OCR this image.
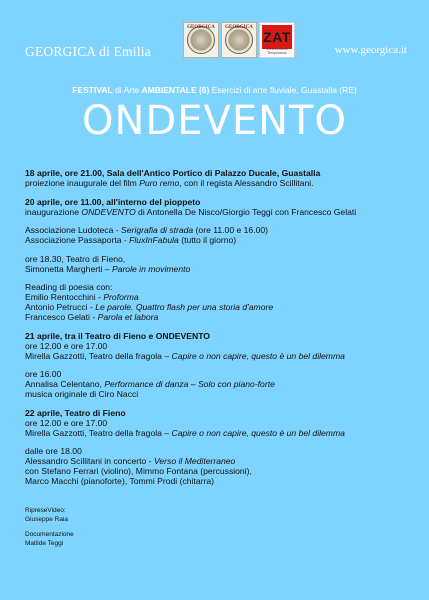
GEORGICA di Emilia
GEORGICA	GEORGICA
ZAT
Zona Artistica Temporanea	www.georgica.it
FESTIVAL di Arte AMBIENTALE (6) Esercizi di arte fluviale, Guastalla (RE)
ONDEVENTO
18 aprile, ore 21.00, Sala dell'Antico Portico di Palazzo Ducale, Guastalla
proiezione inaugurale del film Puro remo, con il regista Alessandro Scillitani.
20 aprile, ore 11.00, all'interno del pioppeto
inaugurazione ONDEVENTO di Antonella De Nisco/Giorgio Teggi con Francesco Gelati
Associazione Ludoteca - Serigrafia di strada (ore 11.00 e 16.00)
Associazione Passaporta - FluxInFabula (tutto il giorno)
ore 18.30, Teatro di Fieno,
Simonetta Margherti – Parole in movimento
Reading di poesia con:
Emilio Rentocchini - Proforma
Antonio Petrucci - Le parole. Quattro flash per una storia d'amore
Francesco Gelati - Parola et labora
21 aprile, tra il Teatro di Fieno e ONDEVENTO
ore 12.00 e ore 17.00
Mirella Gazzotti, Teatro della fragola – Capire o non capire, questo è un bel dilemma
ore 16.00
Annalisa Celentano, Performance di danza – Solo con piano-forte
musica originale di Ciro Nacci
22 aprile, Teatro di Fieno
ore 12.00 e ore 17.00
Mirella Gazzotti, Teatro della fragola – Capire o non capire, questo è un bel dilemma
dalle ore 18.00
Alessandro Scillitani in concerto - Verso il Mediterraneo
con Stefano Ferrari (violino), Mimmo Fontana (percussioni),
Marco Macchi (pianoforte), Tommi Prodi (chitarra)
RipreseVideo:
Giuseppe Raia
Documentazione
Matilde Teggi
